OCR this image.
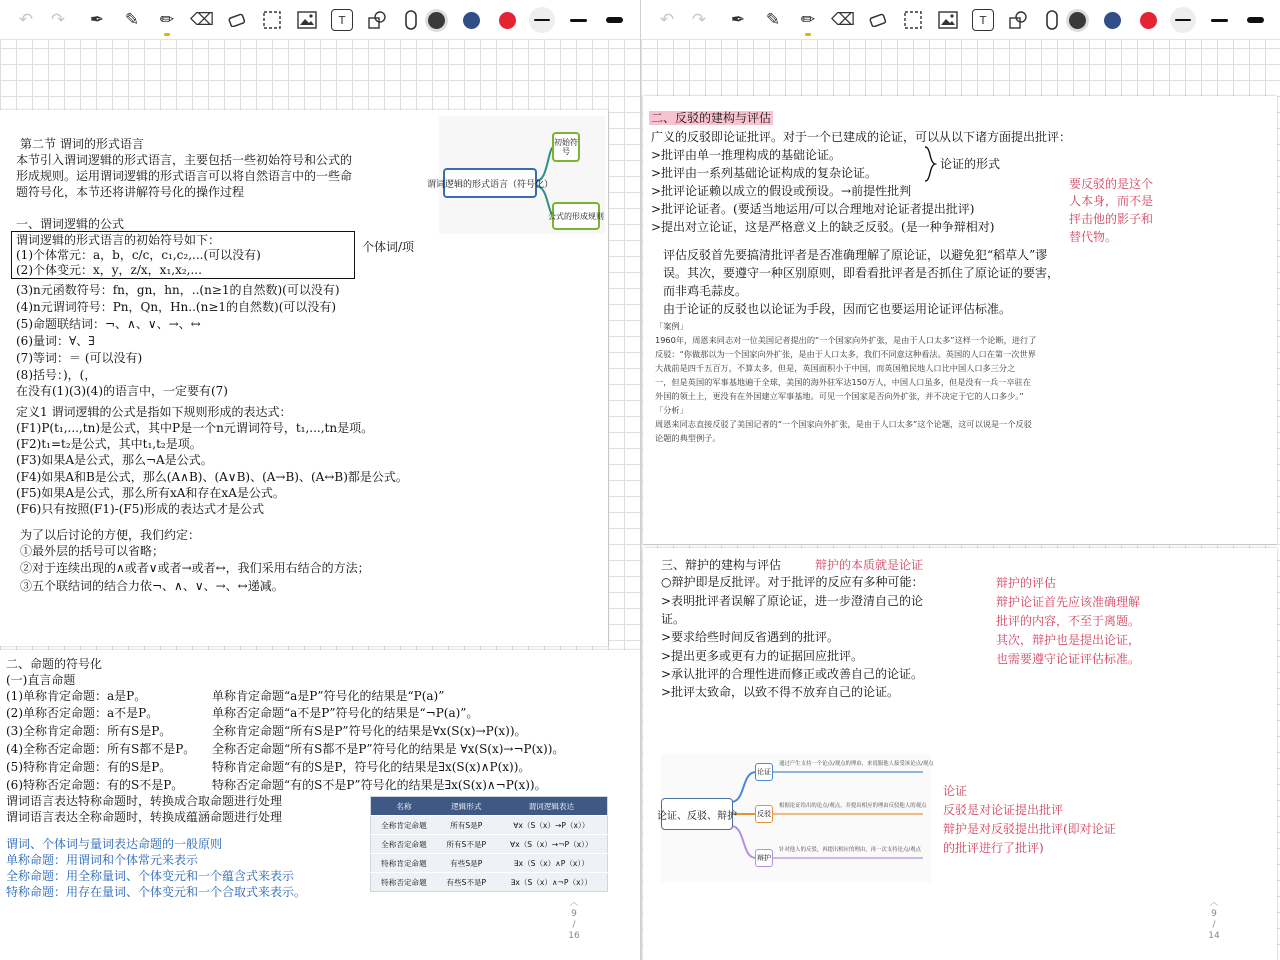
↶	↷	✒	✎	✏ ⌫	T
第二节 谓词的形式语言
本节引入谓词逻辑的形式语言，主要包括一些初始符号和公式的
形成规则。运用谓词逻辑的形式语言可以将自然语言中的一些命
题符号化，本节还将讲解符号化的操作过程
谓词逻辑的形式语言（符号化）
初始符号
公式的形成规则
一、谓词逻辑的公式
谓词逻辑的形式语言的初始符号如下：
(1)个体常元：a，b，c/c，c₁,c₂,...(可以没有)
(2)个体变元：x，y，z/x，x₁,x₂,...
个体词/项
(3)n元函数符号：fn，gn，hn，..(n≥1的自然数)(可以没有)
(4)n元谓词符号：Pn，Qn，Hn..(n≥1的自然数)(可以没有)
(5)命题联结词：¬、∧、∨、→、↔
(6)量词：∀、∃
(7)等词：＝ (可以没有)
(8)括号：)，(，
在没有(1)(3)(4)的语言中，一定要有(7)
定义1 谓词逻辑的公式是指如下规则形成的表达式：
(F1)P(t₁,...,tn)是公式，其中P是一个n元谓词符号，t₁,...,tn是项。
(F2)t₁=t₂是公式，其中t₁,t₂是项。
(F3)如果A是公式，那么¬A是公式。
(F4)如果A和B是公式，那么(A∧B)、(A∨B)、(A→B)、(A↔B)都是公式。
(F5)如果A是公式，那么所有xA和存在xA是公式。
(F6)只有按照(F1)-(F5)形成的表达式才是公式
为了以后讨论的方便，我们约定：
①最外层的括号可以省略；
②对于连续出现的∧或者∨或者→或者↔，我们采用右结合的方法；
③五个联结词的结合力依¬、∧、∨、→、↔递减。
二、命题的符号化
(一)直言命题
(1)单称肯定命题：a是P。	单称肯定命题“a是P”符号化的结果是“P(a)”
(2)单称否定命题：a不是P。	单称否定命题“a不是P”符号化的结果是“¬P(a)”。
(3)全称肯定命题：所有S是P。	全称肯定命题“所有S是P”符号化的结果是∀x(S(x)→P(x))。
(4)全称否定命题：所有S都不是P。 全称否定命题“所有S都不是P”符号化的结果是 ∀x(S(x)→¬P(x))。
(5)特称肯定命题：有的S是P。	特称肯定命题“有的S是P，符号化的结果是∃x(S(x)∧P(x))。
(6)特称否定命题：有的S不是P。 特称否定命题“有的S不是P”符号化的结果是∃x(S(x)∧¬P(x))。
谓词语言表达特称命题时，转换成合取命题进行处理
谓词语言表达全称命题时，转换成蕴涵命题进行处理
谓词、个体词与量词表达命题的一般原则
单称命题：用谓词和个体常元来表示
全称命题：用全称量词、个体变元和一个蕴含式来表示
特称命题：用存在量词、个体变元和一个合取式来表示。
名称	逻辑形式	谓词逻辑表达
全称肯定命题	所有S是P	∀x（S（x）→P（x））
全称否定命题	所有S不是P	∀x（S（x）→¬P（x））
特称肯定命题	有些S是P	∃x（S（x）∧P（x））
特称否定命题	有些S不是P	∃x（S（x）∧¬P（x））
︿
9
/
16
↶	↷	✒	✎	✏ ⌫	T
二、反驳的建构与评估
广义的反驳即论证批评。对于一个已建成的论证，可以从以下诸方面提出批评：
>批评由单一推理构成的基础论证。
>批评由一系列基础论证构成的复杂论证。
>批评论证赖以成立的假设或预设。→前提性批判
>批评论证者。(要适当地运用/可以合理地对论证者提出批评)
>提出对立论证，这是严格意义上的缺乏反驳。(是一种争辩相对)
论证的形式
要反驳的是这个
人本身，而不是
抨击他的影子和
替代物。
评估反驳首先要搞清批评者是否准确理解了原论证，以避免犯“稻草人”谬
误。其次，要遵守一种区别原则，即看看批评者是否抓住了原论证的要害，
而非鸡毛蒜皮。
由于论证的反驳也以论证为手段，因而它也要运用论证评估标准。
「案例」
1960年，周恩来同志对一位美国记者提出的“一个国家向外扩张，是由于人口太多”这样一个论断，进行了
反驳：“你做那以为一个国家向外扩张，是由于人口太多，我们不同意这种看法。英国的人口在第一次世界
大战前是四千五百万，不算太多，但是，英国面积小于中国，而英国殖民地人口比中国人口多三分之
一，但是英国的军事基地遍于全球，美国的海外驻军达150万人，中国人口虽多，但是没有一兵一卒驻在
外国的领土上，更没有在外国建立军事基地。可见一个国家是否向外扩张，并不决定于它的人口多少。”
「分析」
周恩来同志直接反驳了美国记者的“一个国家向外扩张，是由于人口太多”这个论题，这可以说是一个反驳
论题的典型例子。
三、辩护的建构与评估	辩护的本质就是论证
○辩护即是反批评。对于批评的反应有多种可能：
>表明批评者误解了原论证，进一步澄清自己的论
证。
>要求给些时间反省遇到的批评。
>提出更多或更有力的证据回应批评。
>承认批评的合理性进而修正或改善自己的论证。
>批评太致命，以致不得不放弃自己的论证。
辩护的评估
辩护论证首先应该准确理解
批评的内容，不至于离题。
其次，辩护也是提出论证，
也需要遵守论证评估标准。
论证、反驳、辩护
论证
通过产生支持一个论点/观点的理由，来说服他人接受该论点/观点
反驳
根据论证给出的论点/观点，并提出相应的理由反驳他人的观点
辩护
针对他人的反驳，再提出相应的理由，再一次支持论点/观点
论证
反驳是对论证提出批评
辩护是对反驳提出批评(即对论证
的批评进行了批评)
︿
9
/
14
